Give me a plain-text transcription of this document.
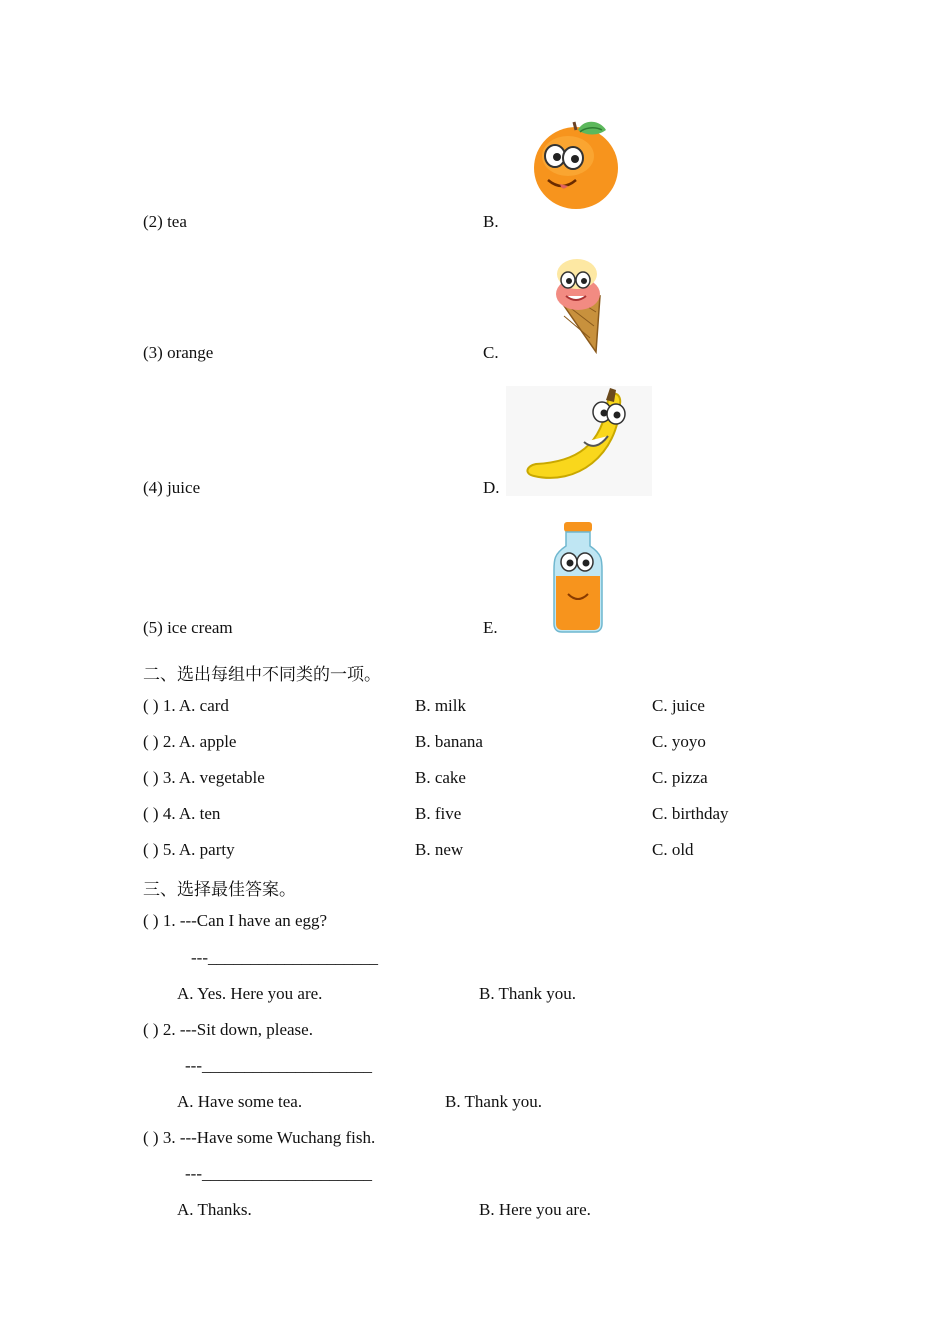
(2) tea	B.
(3) orange	C.
(4) juice	D.
(5) ice cream	E.
二、选出每组中不同类的一项。
( ) 1. A. card	B. milk	C. juice
( ) 2. A. apple	B. banana	C. yoyo
( ) 3. A. vegetable	B. cake	C. pizza
( ) 4. A. ten	B. five	C. birthday
( ) 5. A. party	B. new	C. old
三、选择最佳答案。
( ) 1. ---Can I have an egg?
---____________________
A. Yes. Here you are.	B. Thank you.
( ) 2. ---Sit down, please.
---____________________
A. Have some tea.	B. Thank you.
( ) 3. ---Have some Wuchang fish.
---____________________
A. Thanks.	B. Here you are.
